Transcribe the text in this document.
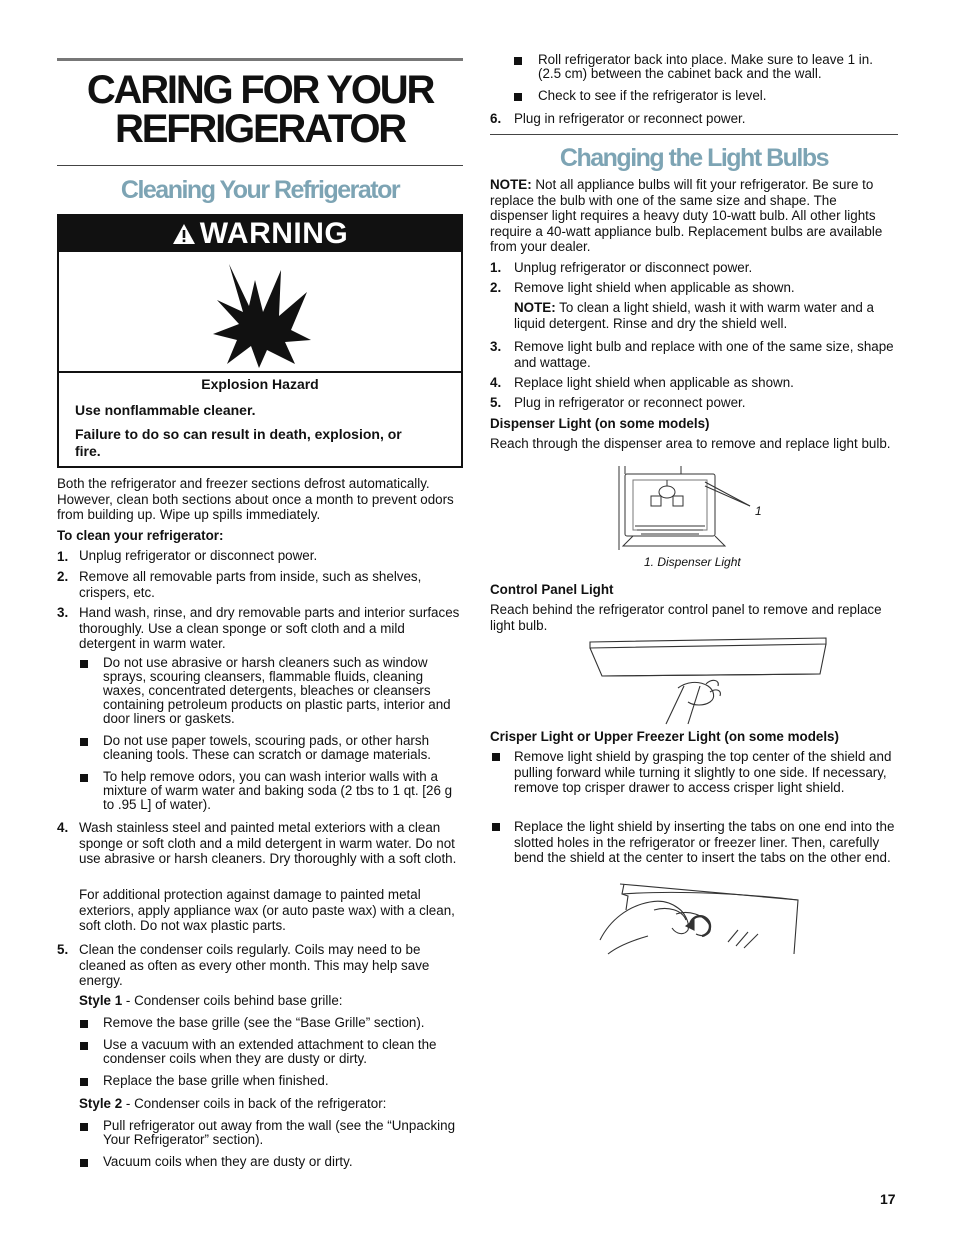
CARING FOR YOUR
REFRIGERATOR
Cleaning Your Refrigerator
WARNING

Explosion Hazard

Use nonflammable cleaner.

Failure to do so can result in death, explosion, or fire.

Both the refrigerator and freezer sections defrost automatically. However, clean both sections about once a month to prevent odors from building up. Wipe up spills immediately.

To clean your refrigerator:

1. Unplug refrigerator or disconnect power.

2. Remove all removable parts from inside, such as shelves, crispers, etc.

3. Hand wash, rinse, and dry removable parts and interior surfaces thoroughly. Use a clean sponge or soft cloth and a mild detergent in warm water.

Do not use abrasive or harsh cleaners such as window sprays, scouring cleansers, flammable fluids, cleaning waxes, concentrated detergents, bleaches or cleansers containing petroleum products on plastic parts, interior and door liners or gaskets.

Do not use paper towels, scouring pads, or other harsh cleaning tools. These can scratch or damage materials.

To help remove odors, you can wash interior walls with a mixture of warm water and baking soda (2 tbs to 1 qt. [26 g to .95 L] of water).

4. Wash stainless steel and painted metal exteriors with a clean sponge or soft cloth and a mild detergent in warm water. Do not use abrasive or harsh cleaners. Dry thoroughly with a soft cloth.

For additional protection against damage to painted metal exteriors, apply appliance wax (or auto paste wax) with a clean, soft cloth. Do not wax plastic parts.

5. Clean the condenser coils regularly. Coils may need to be cleaned as often as every other month. This may help save energy.

Style 1 - Condenser coils behind base grille:

Remove the base grille (see the “Base Grille” section).

Use a vacuum with an extended attachment to clean the condenser coils when they are dusty or dirty.

Replace the base grille when finished.

Style 2 - Condenser coils in back of the refrigerator:

Pull refrigerator out away from the wall (see the “Unpacking Your Refrigerator” section).

Vacuum coils when they are dusty or dirty.

Roll refrigerator back into place. Make sure to leave 1 in. (2.5 cm) between the cabinet back and the wall.

Check to see if the refrigerator is level.

6. Plug in refrigerator or reconnect power.

Changing the Light Bulbs

NOTE: Not all appliance bulbs will fit your refrigerator. Be sure to replace the bulb with one of the same size and shape. The dispenser light requires a heavy duty 10-watt bulb. All other lights require a 40-watt appliance bulb. Replacement bulbs are available from your dealer.

1. Unplug refrigerator or disconnect power.

2. Remove light shield when applicable as shown.

NOTE: To clean a light shield, wash it with warm water and a liquid detergent. Rinse and dry the shield well.

3. Remove light bulb and replace with one of the same size, shape and wattage.

4. Replace light shield when applicable as shown.

5. Plug in refrigerator or reconnect power.

Dispenser Light (on some models)

Reach through the dispenser area to remove and replace light bulb.

1

1. Dispenser Light

Control Panel Light

Reach behind the refrigerator control panel to remove and replace light bulb.

Crisper Light or Upper Freezer Light (on some models)

Remove light shield by grasping the top center of the shield and pulling forward while turning it slightly to one side. If necessary, remove top crisper drawer to access crisper light shield.

Replace the light shield by inserting the tabs on one end into the slotted holes in the refrigerator or freezer liner. Then, carefully bend the shield at the center to insert the tabs on the other end.

17
